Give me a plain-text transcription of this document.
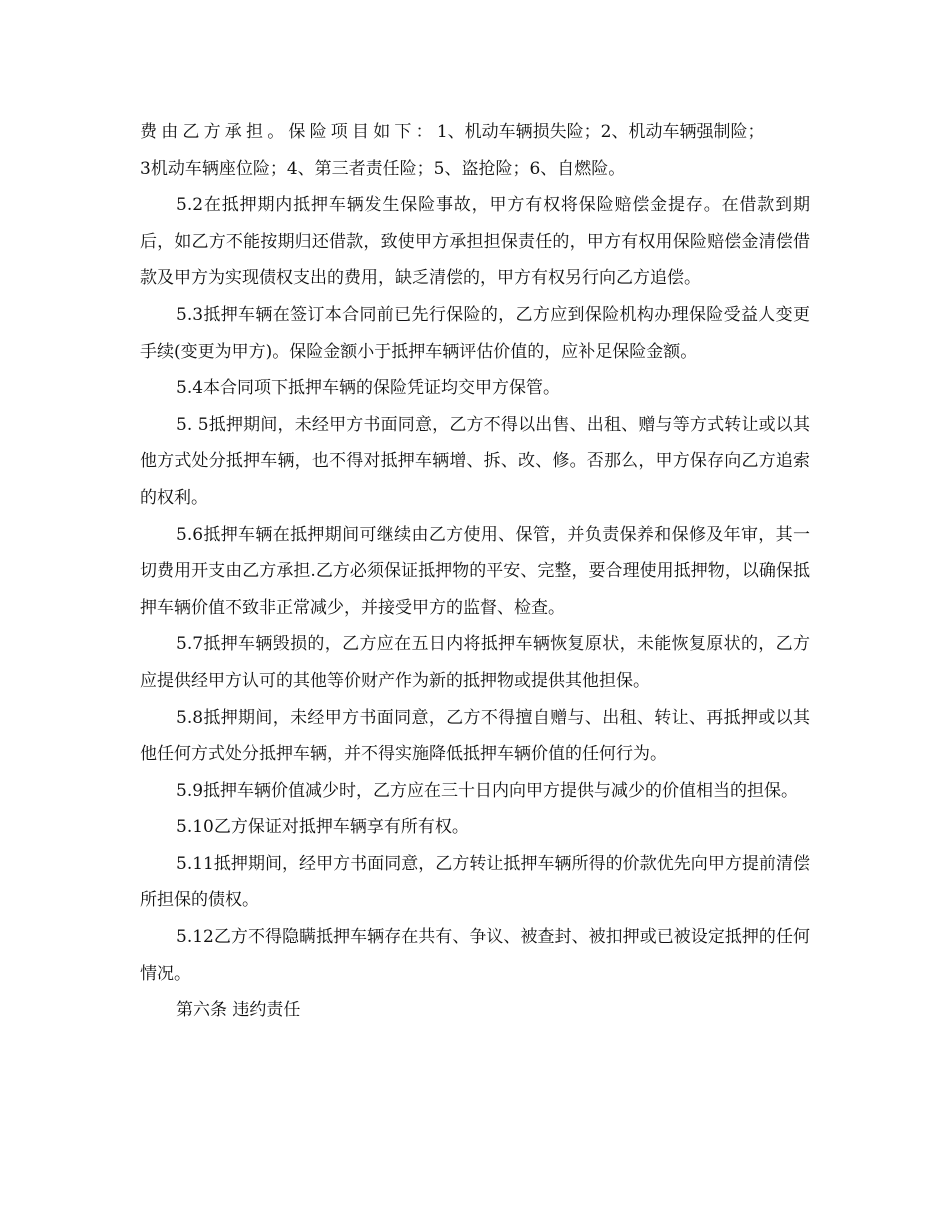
费由乙方承担。保险项目如下：1、机动车辆损失险；2、机动车辆强制险；
3机动车辆座位险；4、第三者责任险；5、盗抢险；6、自燃险。

5.2在抵押期内抵押车辆发生保险事故，甲方有权将保险赔偿金提存。在借款到期后，如乙方不能按期归还借款，致使甲方承担担保责任的，甲方有权用保险赔偿金清偿借款及甲方为实现债权支出的费用，缺乏清偿的，甲方有权另行向乙方追偿。

5.3抵押车辆在签订本合同前已先行保险的，乙方应到保险机构办理保险受益人变更手续(变更为甲方)。保险金额小于抵押车辆评估价值的，应补足保险金额。

5.4本合同项下抵押车辆的保险凭证均交甲方保管。

5. 5抵押期间，未经甲方书面同意，乙方不得以出售、出租、赠与等方式转让或以其他方式处分抵押车辆，也不得对抵押车辆增、拆、改、修。否那么，甲方保存向乙方追索的权利。

5.6抵押车辆在抵押期间可继续由乙方使用、保管，并负责保养和保修及年审，其一切费用开支由乙方承担.乙方必须保证抵押物的平安、完整，要合理使用抵押物，以确保抵押车辆价值不致非正常减少，并接受甲方的监督、检查。

5.7抵押车辆毁损的，乙方应在五日内将抵押车辆恢复原状，未能恢复原状的，乙方应提供经甲方认可的其他等价财产作为新的抵押物或提供其他担保。

5.8抵押期间，未经甲方书面同意，乙方不得擅自赠与、出租、转让、再抵押或以其他任何方式处分抵押车辆，并不得实施降低抵押车辆价值的任何行为。

5.9抵押车辆价值减少时，乙方应在三十日内向甲方提供与减少的价值相当的担保。

5.10乙方保证对抵押车辆享有所有权。

5.11抵押期间，经甲方书面同意，乙方转让抵押车辆所得的价款优先向甲方提前清偿所担保的债权。

5.12乙方不得隐瞒抵押车辆存在共有、争议、被查封、被扣押或已被设定抵押的任何情况。

第六条 违约责任
